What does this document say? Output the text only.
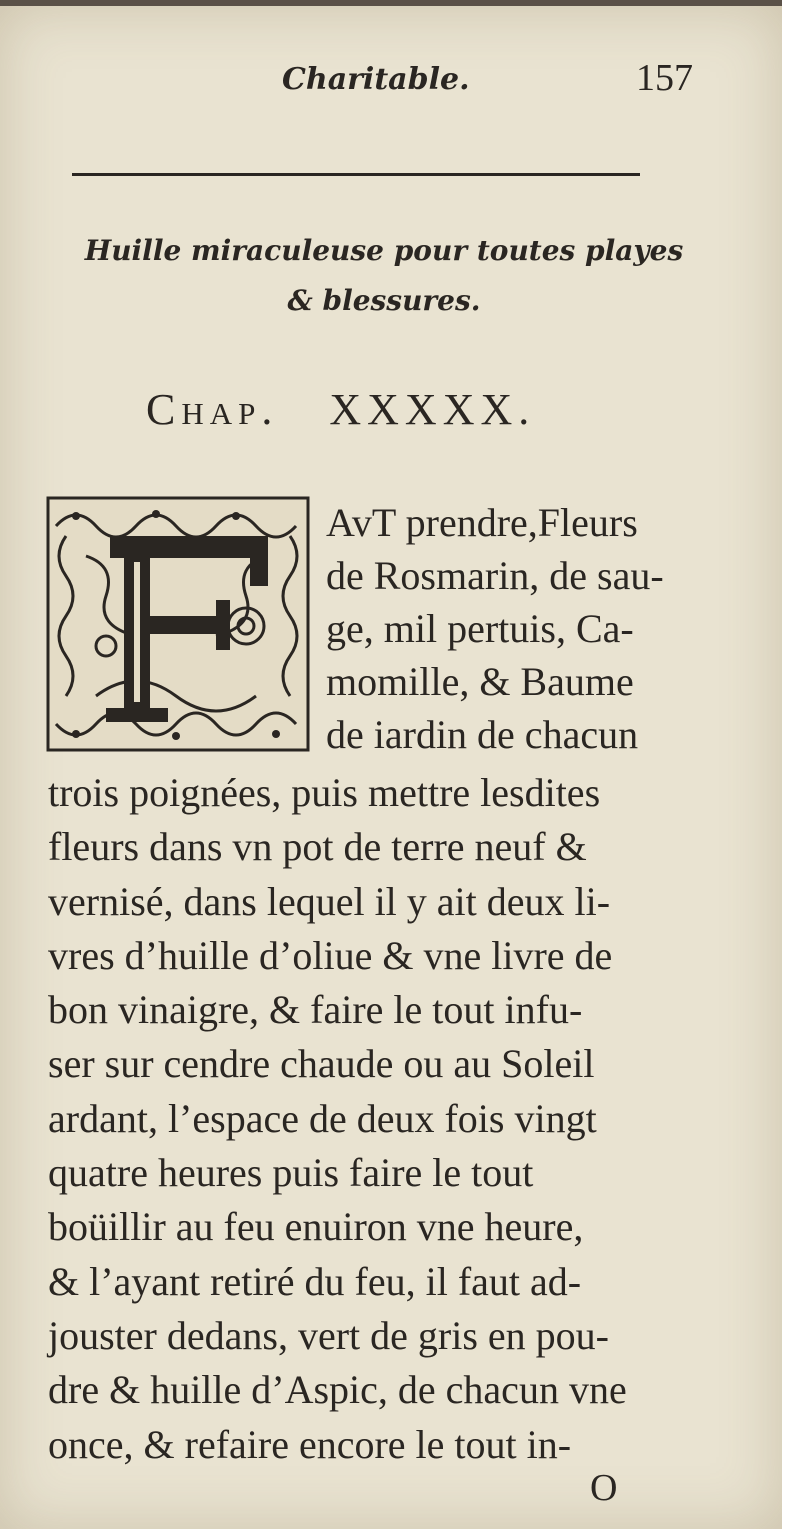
Charitable.	157
Huille miraculeuse pour toutes playes
& blessures.
Chap. XXXXX.
AvT prendre,Fleurs
de Rosmarin, de sau-
ge, mil pertuis, Ca-
momille, & Baume
de iardin de chacun
trois poignées, puis mettre lesdites
fleurs dans vn pot de terre neuf &
vernisé, dans lequel il y ait deux li-
vres d’huille d’oliue & vne livre de
bon vinaigre, & faire le tout infu-
ser sur cendre chaude ou au Soleil
ardant, l’espace de deux fois vingt
quatre heures puis faire le tout
boüillir au feu enuiron vne heure,
& l’ayant retiré du feu, il faut ad-
jouster dedans, vert de gris en pou-
dre & huille d’Aspic, de chacun vne
once, & refaire encore le tout in-
O
